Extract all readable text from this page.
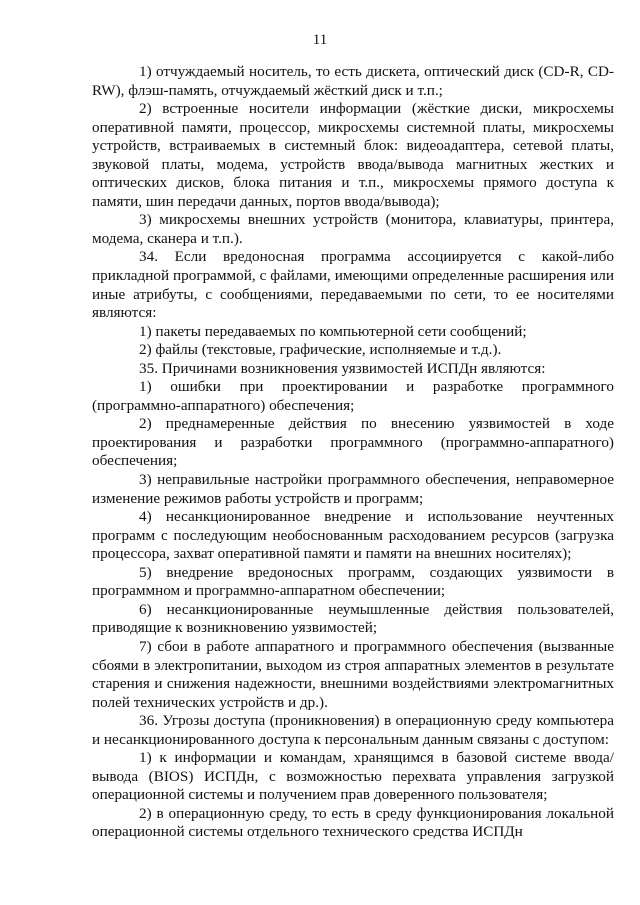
11

1) отчуждаемый носитель, то есть дискета, оптический диск (CD-R, CD-RW), флэш-память, отчуждаемый жёсткий диск и т.п.;

2) встроенные носители информации (жёсткие диски, микросхемы оперативной памяти, процессор, микросхемы системной платы, микросхемы устройств, встраиваемых в системный блок: видеоадаптера, сетевой платы, звуковой платы, модема, устройств ввода/вывода магнитных жестких и оптических дисков, блока питания и т.п., микросхемы прямого доступа к памяти, шин передачи данных, портов ввода/вывода);

3) микросхемы внешних устройств (монитора, клавиатуры, принтера, модема, сканера и т.п.).

34. Если вредоносная программа ассоциируется с какой-либо прикладной программой, с файлами, имеющими определенные расширения или иные атрибуты, с сообщениями, передаваемыми по сети, то ее носителями являются:

1) пакеты передаваемых по компьютерной сети сообщений;

2) файлы (текстовые, графические, исполняемые и т.д.).

35. Причинами возникновения уязвимостей ИСПДн являются:

1) ошибки при проектировании и разработке программного (программно-аппаратного) обеспечения;

2) преднамеренные действия по внесению уязвимостей в ходе проектирования и разработки программного (программно-аппаратного) обеспечения;

3) неправильные настройки программного обеспечения, неправомерное изменение режимов работы устройств и программ;

4) несанкционированное внедрение и использование неучтенных программ с последующим необоснованным расходованием ресурсов (загрузка процессора, захват оперативной памяти и памяти на внешних носителях);

5) внедрение вредоносных программ, создающих уязвимости в программном и программно-аппаратном обеспечении;

6) несанкционированные неумышленные действия пользователей, приводящие к возникновению уязвимостей;

7) сбои в работе аппаратного и программного обеспечения (вызванные сбоями в электропитании, выходом из строя аппаратных элементов в результате старения и снижения надежности, внешними воздействиями электромагнитных полей технических устройств и др.).

36. Угрозы доступа (проникновения) в операционную среду компьютера и несанкционированного доступа к персональным данным связаны с доступом:

1) к информации и командам, хранящимся в базовой системе ввода/вывода (BIOS) ИСПДн, с возможностью перехвата управления загрузкой операционной системы и получением прав доверенного пользователя;

2) в операционную среду, то есть в среду функционирования локальной операционной системы отдельного технического средства ИСПДн
